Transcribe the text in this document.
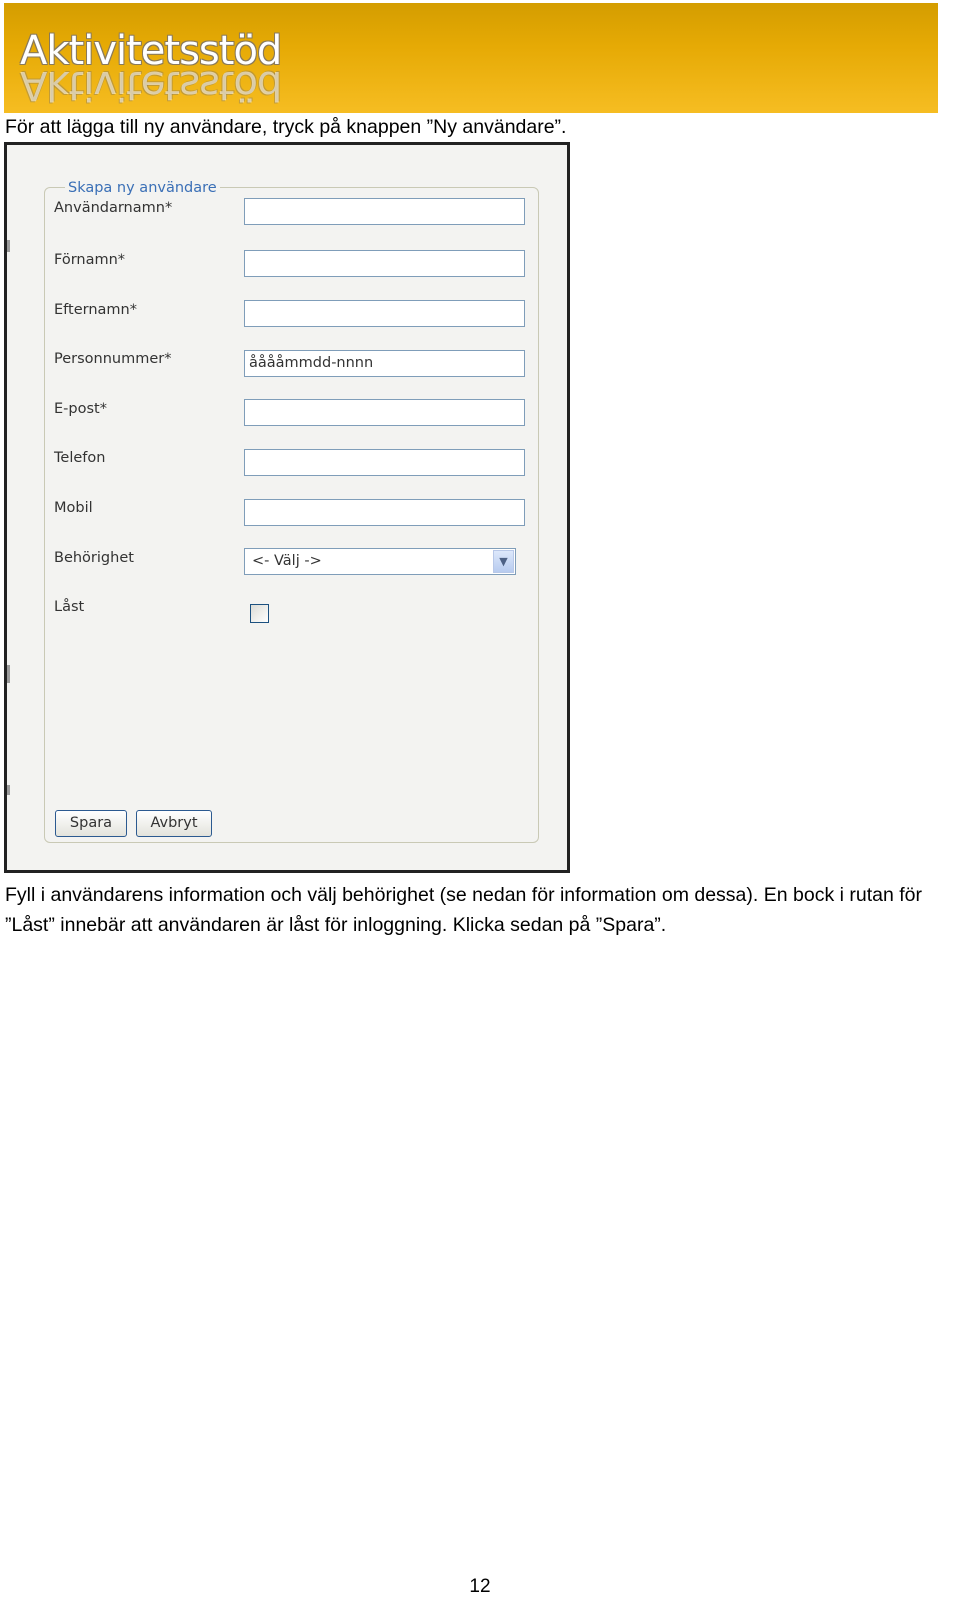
Aktivitetsstöd
Aktivitetsstöd

För att lägga till ny användare, tryck på knappen ”Ny användare”.

Skapa ny användare
Användarnamn*
Förnamn*
Efternamn*
Personnummer*	ååååmmdd-nnnn
E-post*
Telefon
Mobil
Behörighet	<- Välj ->	▼
Låst
Spara	Avbryt

Fyll i användarens information och välj behörighet (se nedan för information om dessa). En bock i rutan för ”Låst” innebär att användaren är låst för inloggning. Klicka sedan på ”Spara”.

12
